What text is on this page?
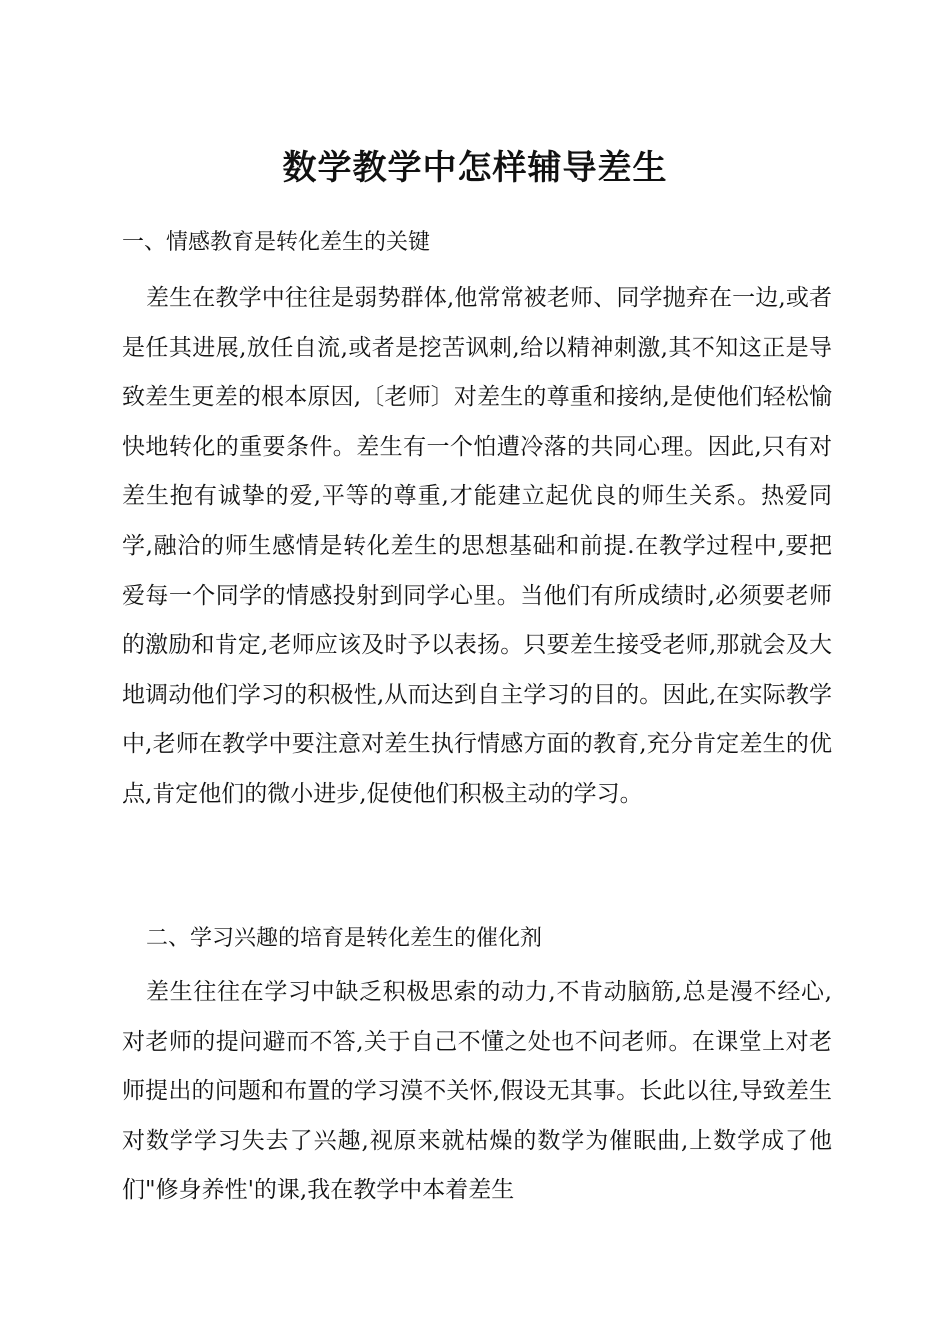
数学教学中怎样辅导差生
一、情感教育是转化差生的关键
差生在教学中往往是弱势群体,他常常被老师、同学抛弃在一边,或者是任其进展,放任自流,或者是挖苦讽刺,给以精神刺激,其不知这正是导致差生更差的根本原因,〔老师〕对差生的尊重和接纳,是使他们轻松愉快地转化的重要条件。差生有一个怕遭冷落的共同心理。因此,只有对差生抱有诚挚的爱,平等的尊重,才能建立起优良的师生关系。热爱同学,融洽的师生感情是转化差生的思想基础和前提.在教学过程中,要把爱每一个同学的情感投射到同学心里。当他们有所成绩时,必须要老师的激励和肯定,老师应该及时予以表扬。只要差生接受老师,那就会及大地调动他们学习的积极性,从而达到自主学习的目的。因此,在实际教学中,老师在教学中要注意对差生执行情感方面的教育,充分肯定差生的优点,肯定他们的微小进步,促使他们积极主动的学习。
二、学习兴趣的培育是转化差生的催化剂
差生往往在学习中缺乏积极思索的动力,不肯动脑筋,总是漫不经心,对老师的提问避而不答,关于自己不懂之处也不问老师。在课堂上对老师提出的问题和布置的学习漠不关怀,假设无其事。长此以往,导致差生对数学学习失去了兴趣,视原来就枯燥的数学为催眠曲,上数学成了他们"修身养性'的课,我在教学中本着差生
